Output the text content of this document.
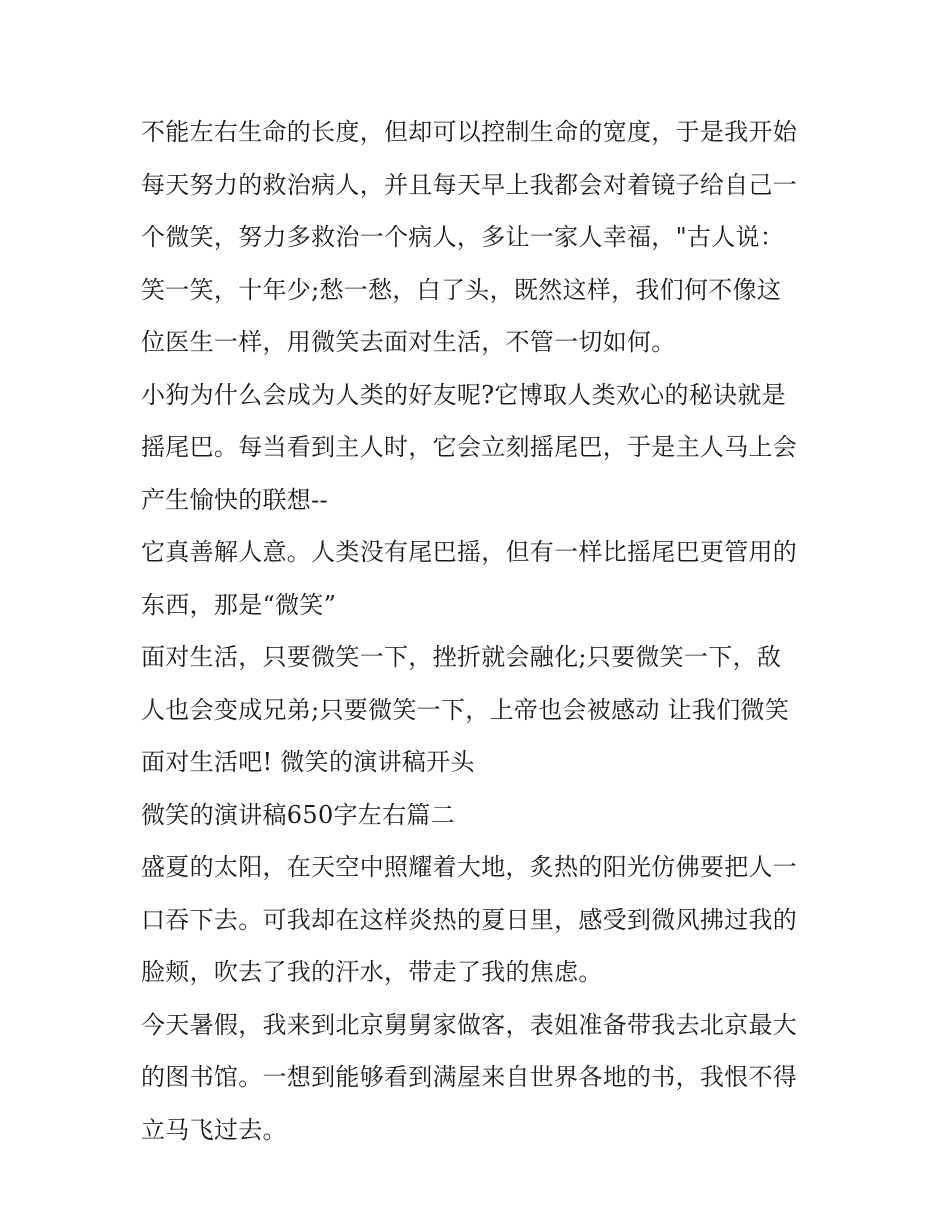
不能左右生命的长度，但却可以控制生命的宽度，于是我开始
每天努力的救治病人，并且每天早上我都会对着镜子给自己一
个微笑，努力多救治一个病人，多让一家人幸福，"古人说：
笑一笑，十年少;愁一愁，白了头，既然这样，我们何不像这
位医生一样，用微笑去面对生活，不管一切如何。
小狗为什么会成为人类的好友呢?它博取人类欢心的秘诀就是
摇尾巴。每当看到主人时，它会立刻摇尾巴，于是主人马上会
产生愉快的联想--
它真善解人意。人类没有尾巴摇，但有一样比摇尾巴更管用的
东西，那是“微笑”
面对生活，只要微笑一下，挫折就会融化;只要微笑一下，敌
人也会变成兄弟;只要微笑一下，上帝也会被感动 让我们微笑
面对生活吧! 微笑的演讲稿开头
微笑的演讲稿650字左右篇二
盛夏的太阳，在天空中照耀着大地，炙热的阳光仿佛要把人一
口吞下去。可我却在这样炎热的夏日里，感受到微风拂过我的
脸颊，吹去了我的汗水，带走了我的焦虑。
今天暑假，我来到北京舅舅家做客，表姐准备带我去北京最大
的图书馆。一想到能够看到满屋来自世界各地的书，我恨不得
立马飞过去。
